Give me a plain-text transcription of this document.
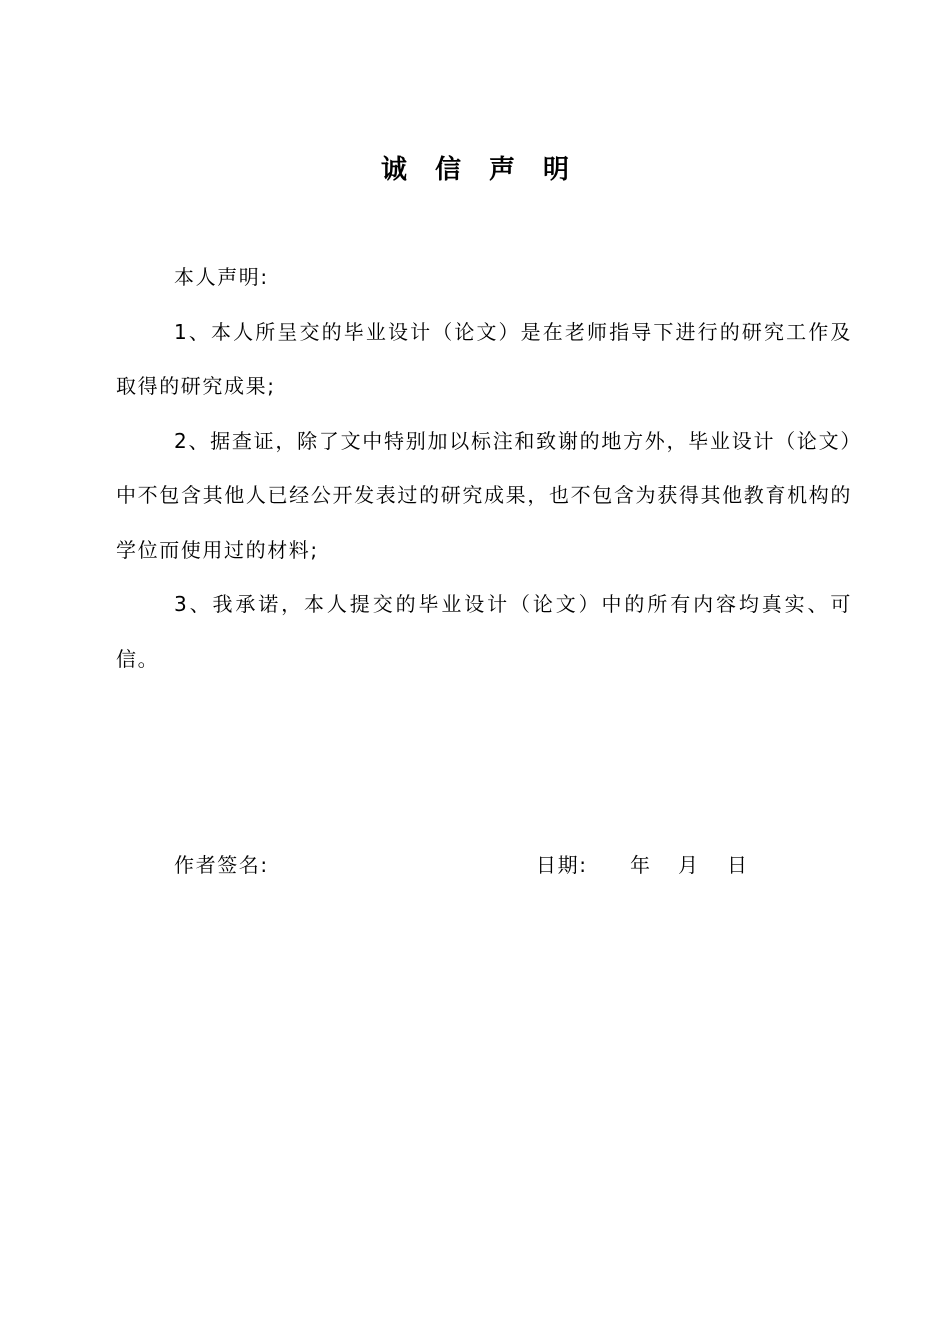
诚信声明

本人声明:

1、本人所呈交的毕业设计（论文）是在老师指导下进行的研究工作及取得的研究成果;

2、据查证，除了文中特别加以标注和致谢的地方外，毕业设计（论文）中不包含其他人已经公开发表过的研究成果，也不包含为获得其他教育机构的学位而使用过的材料;

3、我承诺，本人提交的毕业设计（论文）中的所有内容均真实、可信。

作者签名:	日期: 年 月 日
